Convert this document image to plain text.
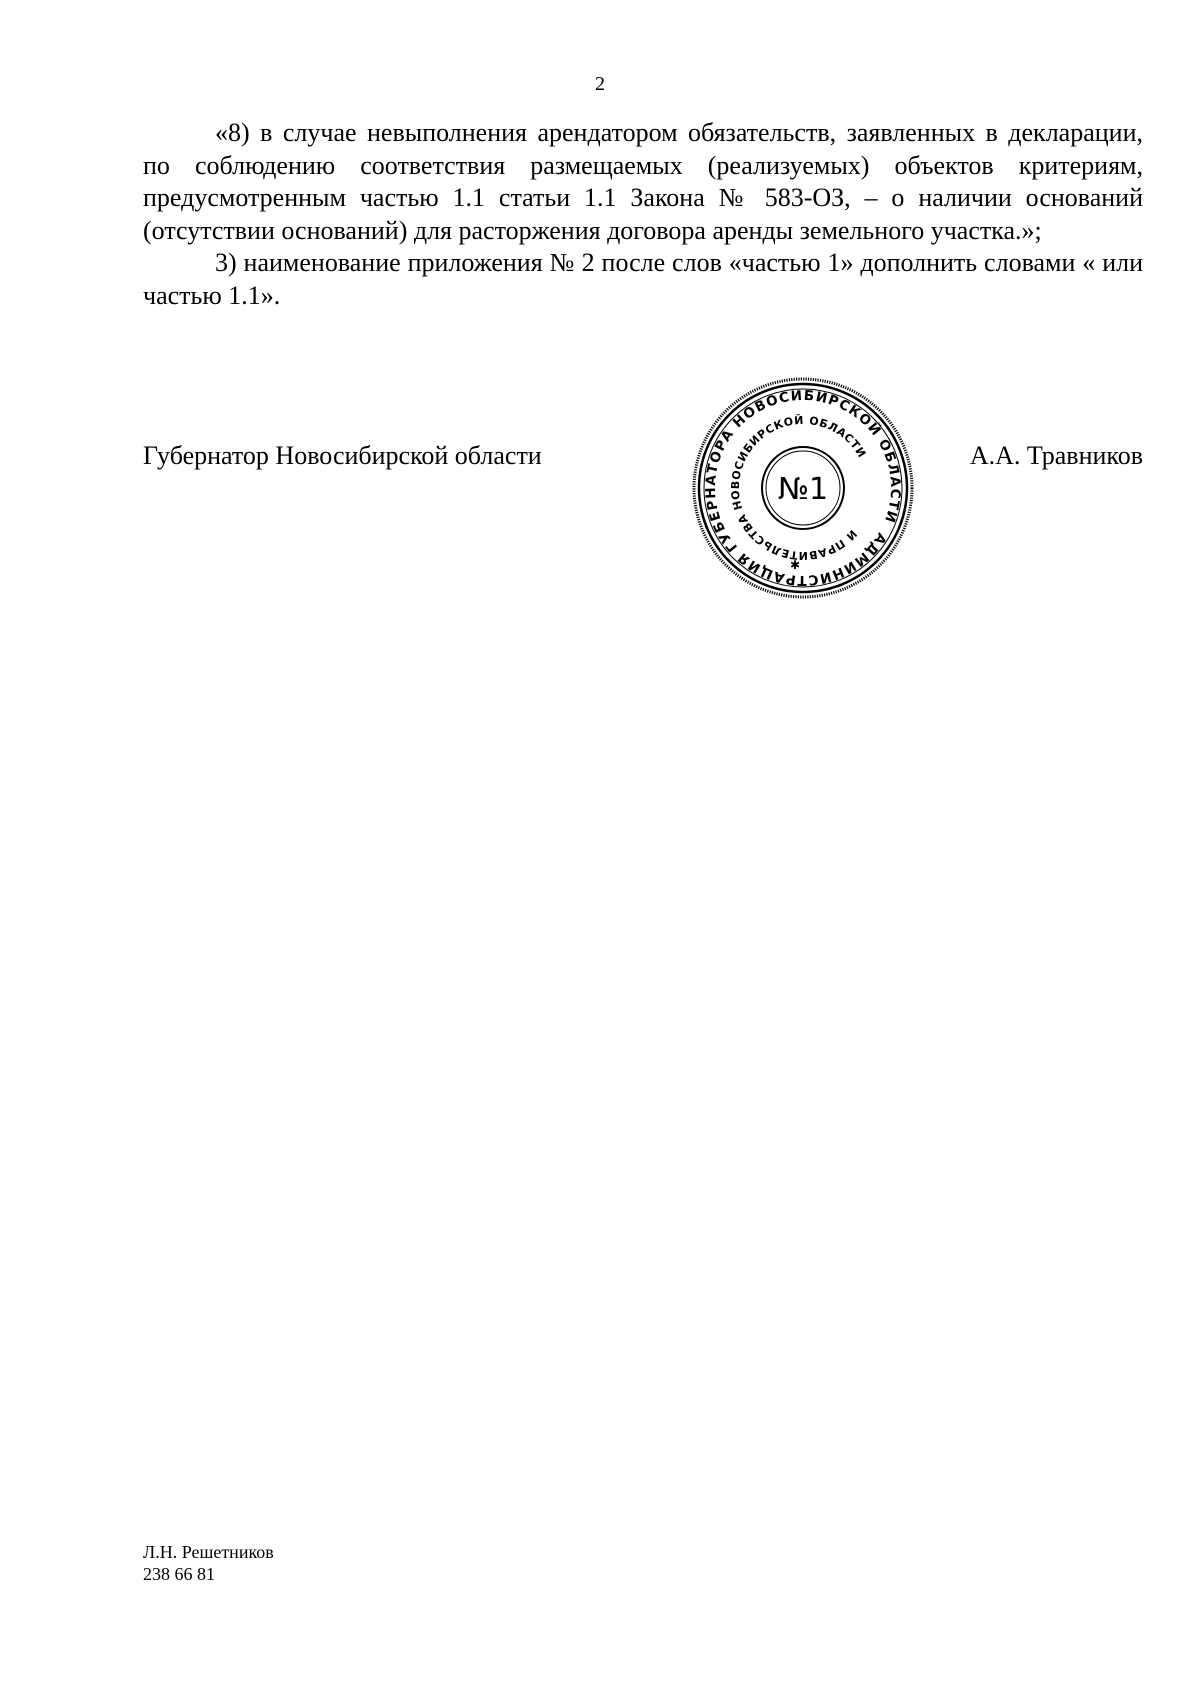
2

«8) в случае невыполнения арендатором обязательств, заявленных в декларации, по соблюдению соответствия размещаемых (реализуемых) объектов критериям, предусмотренным частью 1.1 статьи 1.1 Закона № 583-ОЗ, – о наличии оснований (отсутствии оснований) для расторжения договора аренды земельного участка.»;

3) наименование приложения № 2 после слов «частью 1» дополнить словами « или частью 1.1».

Губернатор Новосибирской области	А.А. Травников
АДМИНИСТРАЦИЯ ГУБЕРНАТОРА НОВОСИБИРСКОЙ ОБЛАСТИ
И ПРАВИТЕЛЬСТВА НОВОСИБИРСКОЙ ОБЛАСТИ
✱
№1
Л.Н. Решетников
238 66 81
